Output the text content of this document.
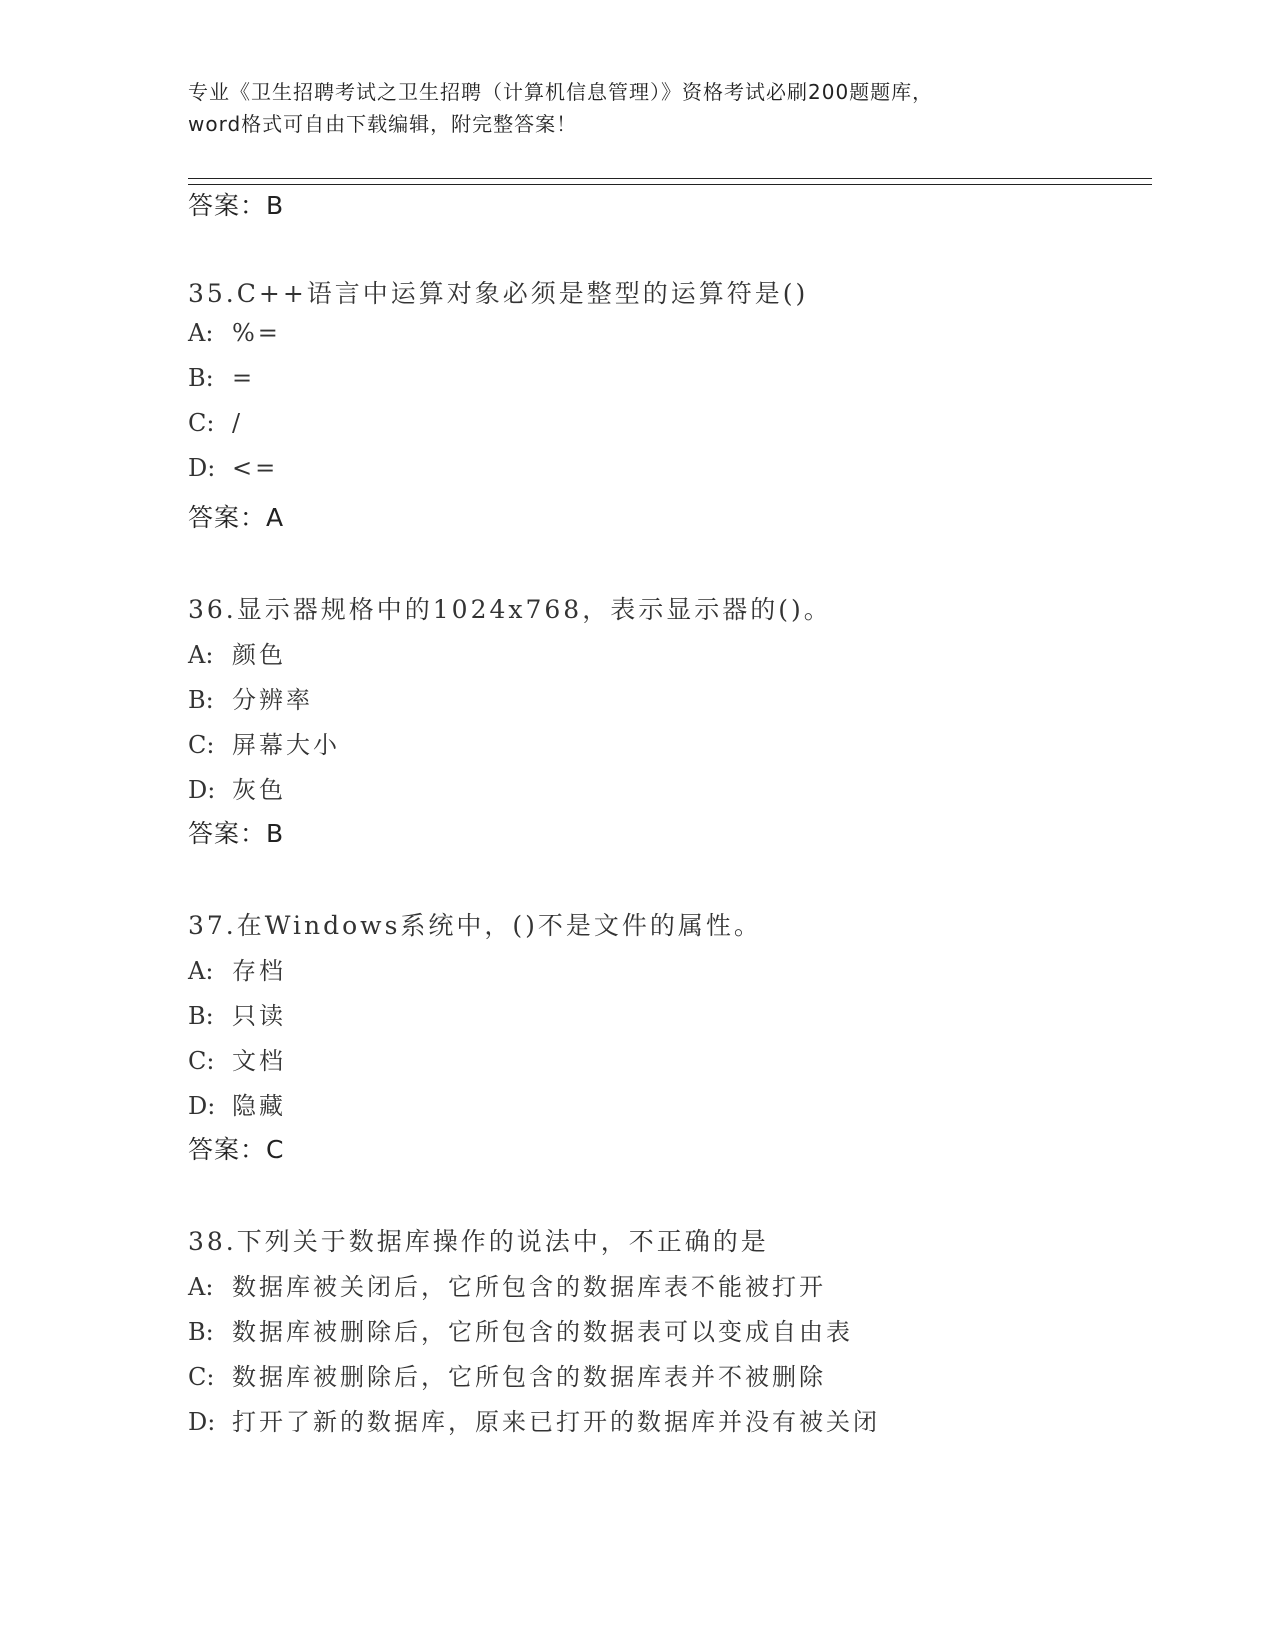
专业《卫生招聘考试之卫生招聘（计算机信息管理）》资格考试必刷200题题库，
word格式可自由下载编辑，附完整答案！
答案：B
35.C++语言中运算对象必须是整型的运算符是()
A: %=
B: =
C: /
D: <=
答案：A
36.显示器规格中的1024x768，表示显示器的()。
A: 颜色
B: 分辨率
C: 屏幕大小
D: 灰色
答案：B
37.在Windows系统中，()不是文件的属性。
A: 存档
B: 只读
C: 文档
D: 隐藏
答案：C
38.下列关于数据库操作的说法中，不正确的是
A: 数据库被关闭后，它所包含的数据库表不能被打开
B: 数据库被删除后，它所包含的数据表可以变成自由表
C: 数据库被删除后，它所包含的数据库表并不被删除
D: 打开了新的数据库，原来已打开的数据库并没有被关闭
